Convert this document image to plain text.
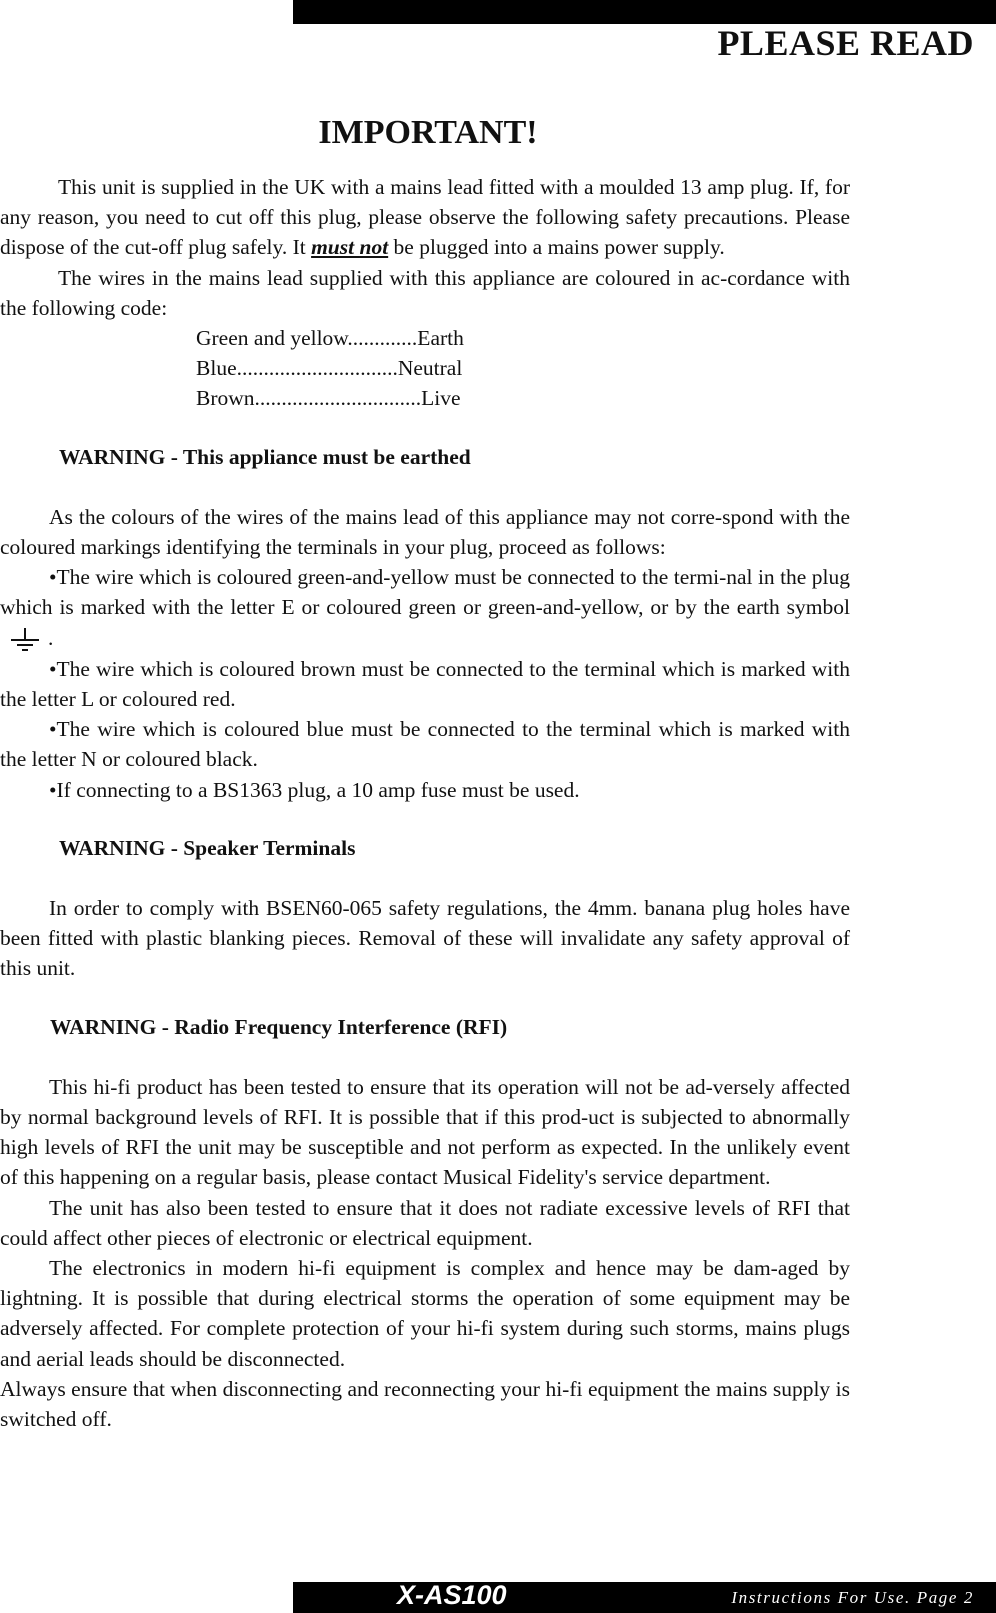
PLEASE READ
IMPORTANT!

This unit is supplied in the UK with a mains lead fitted with a moulded 13 amp plug. If, for any reason, you need to cut off this plug, please observe the following safety precautions. Please dispose of the cut-off plug safely. It must not be plugged into a mains power supply.

The wires in the mains lead supplied with this appliance are coloured in ac-cordance with the following code:

Green and yellow.............Earth
Blue..............................Neutral
Brown...............................Live
WARNING - This appliance must be earthed

As the colours of the wires of the mains lead of this appliance may not corre-spond with the coloured markings identifying the terminals in your plug, proceed as follows:

•The wire which is coloured green-and-yellow must be connected to the termi-nal in the plug which is marked with the letter E or coloured green or green-and-yellow, or by the earth symbol.

•The wire which is coloured brown must be connected to the terminal which is marked with the letter L or coloured red.

•The wire which is coloured blue must be connected to the terminal which is marked with the letter N or coloured black.

•If connecting to a BS1363 plug, a 10 amp fuse must be used.

WARNING - Speaker Terminals

In order to comply with BSEN60-065 safety regulations, the 4mm. banana plug holes have been fitted with plastic blanking pieces. Removal of these will invalidate any safety approval of this unit.

WARNING - Radio Frequency Interference (RFI)

This hi-fi product has been tested to ensure that its operation will not be ad-versely affected by normal background levels of RFI. It is possible that if this prod-uct is subjected to abnormally high levels of RFI the unit may be susceptible and not perform as expected. In the unlikely event of this happening on a regular basis, please contact Musical Fidelity's service department.

The unit has also been tested to ensure that it does not radiate excessive levels of RFI that could affect other pieces of electronic or electrical equipment.

The electronics in modern hi-fi equipment is complex and hence may be dam-aged by lightning. It is possible that during electrical storms the operation of some equipment may be adversely affected. For complete protection of your hi-fi system during such storms, mains plugs and aerial leads should be disconnected.

Always ensure that when disconnecting and reconnecting your hi-fi equipment the mains supply is switched off.

X-AS100	Instructions For Use. Page 2
